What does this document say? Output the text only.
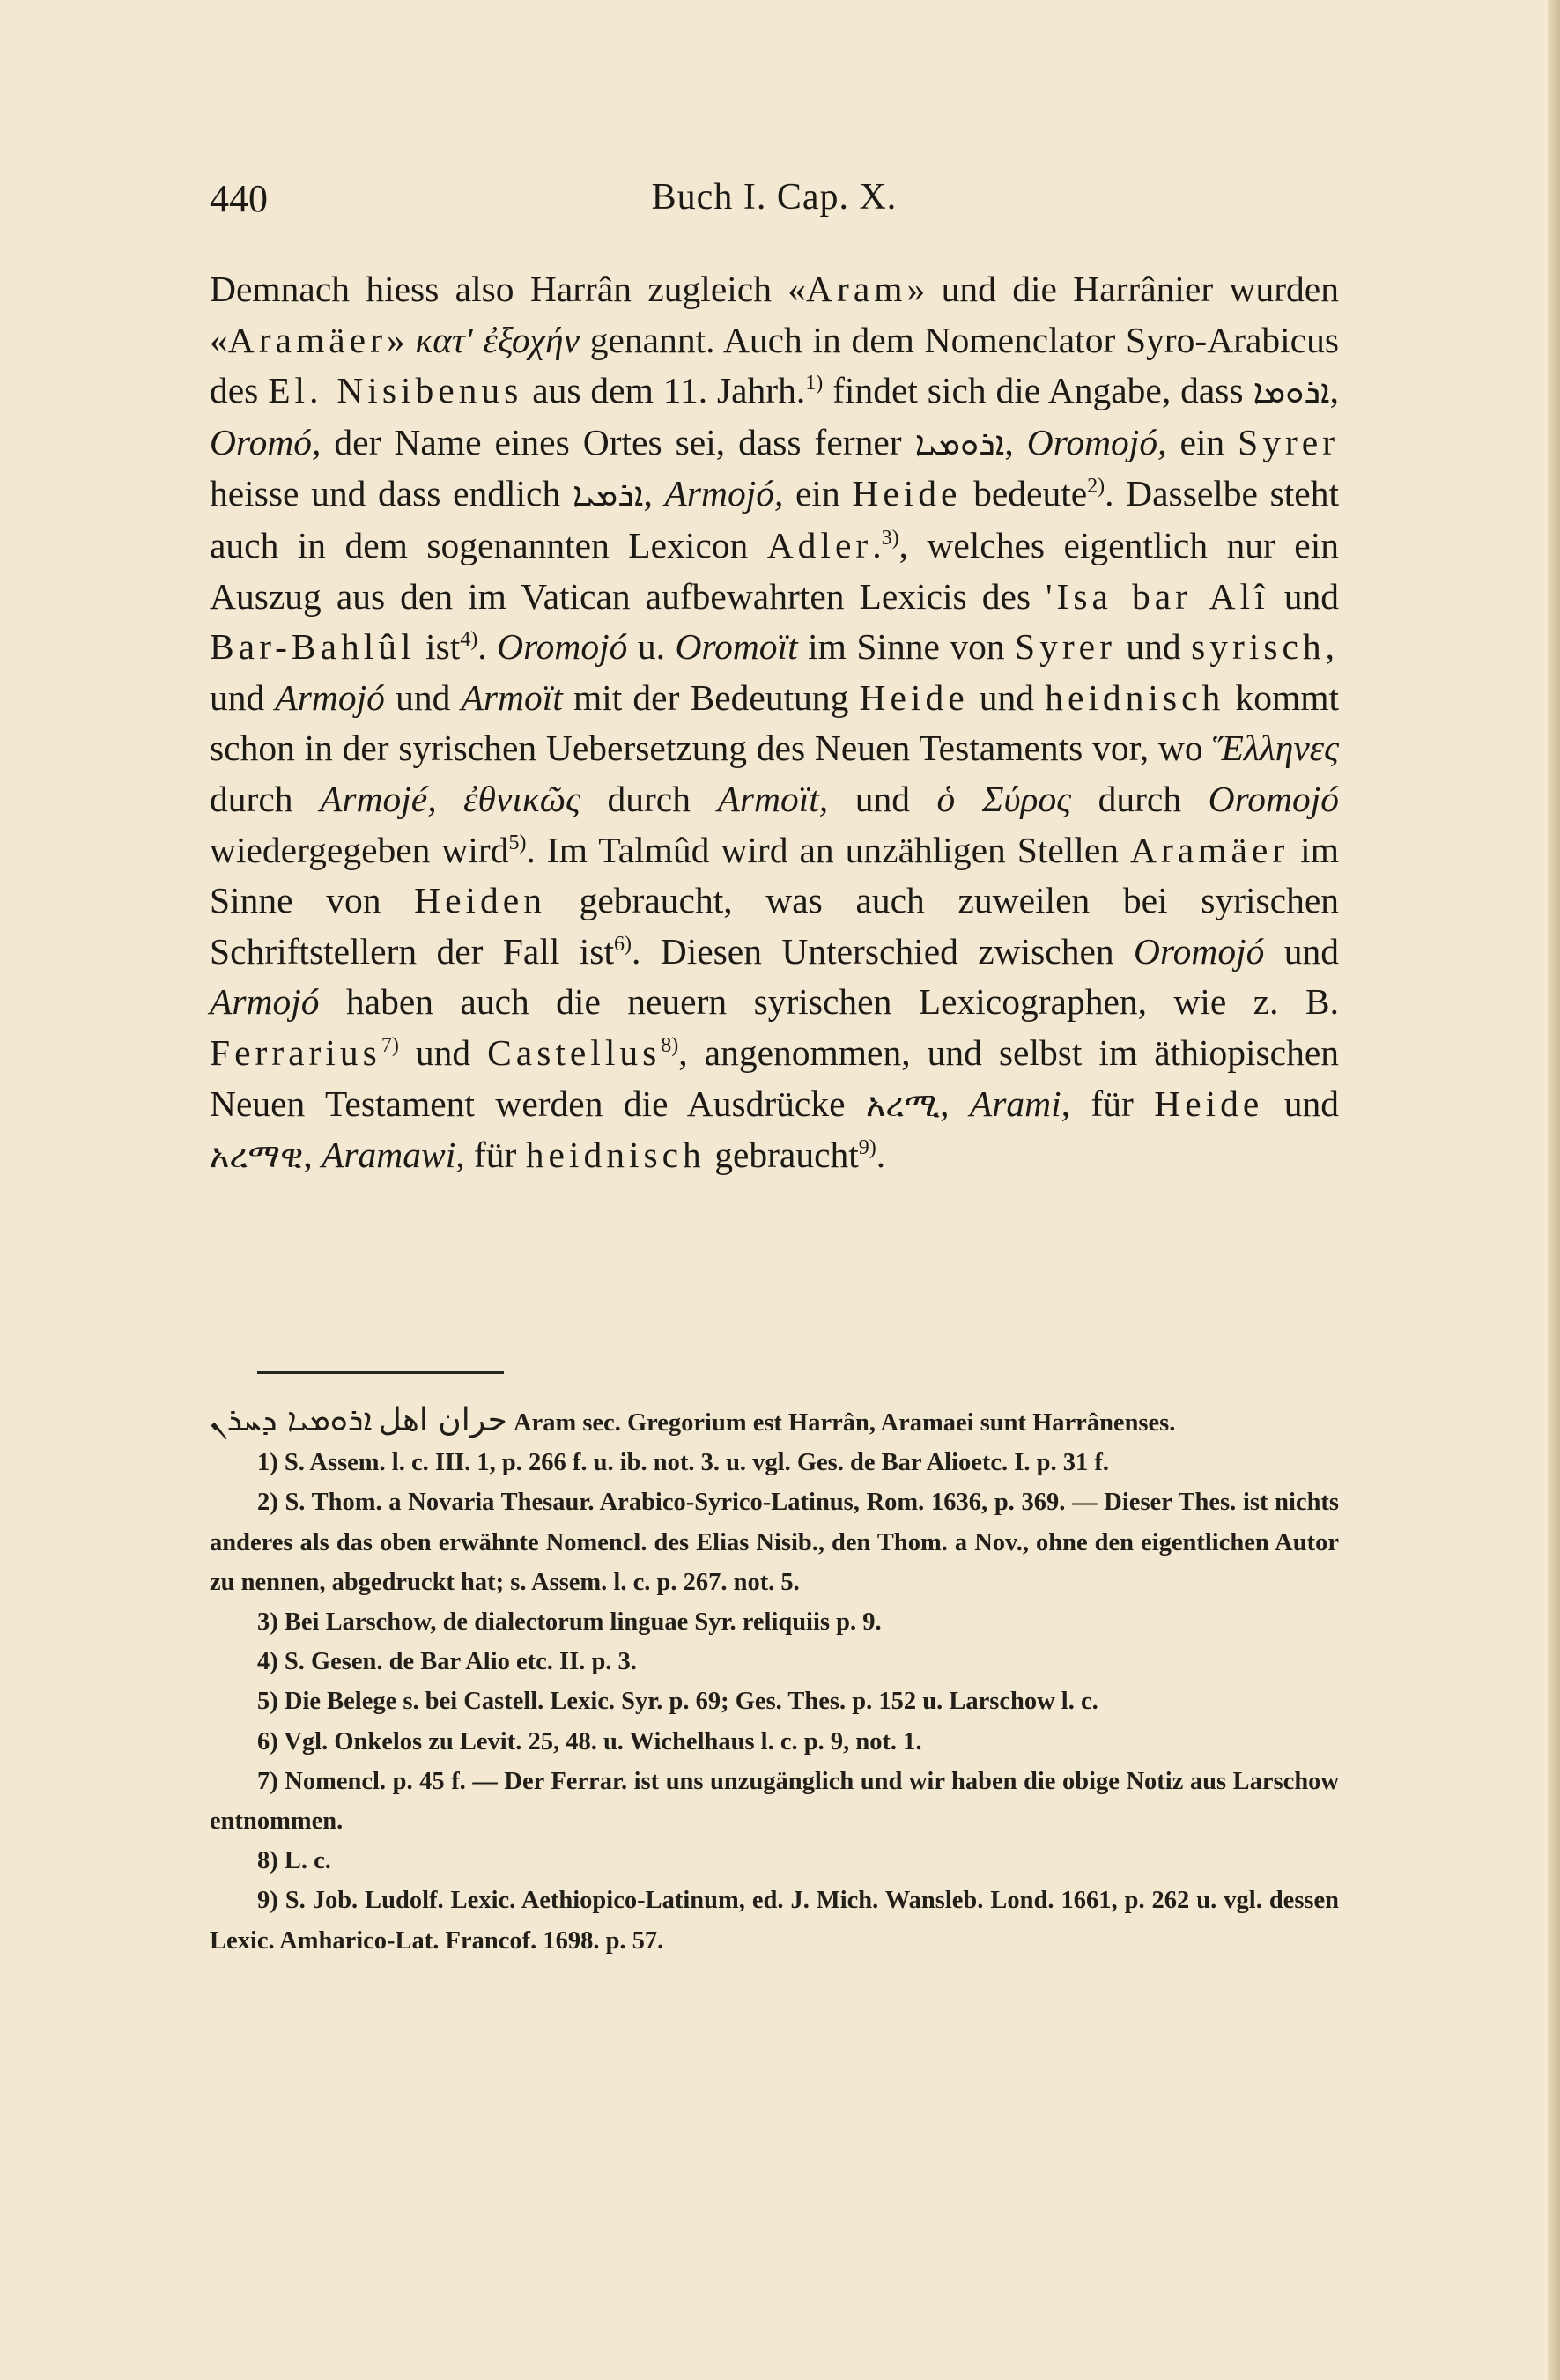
440	Buch I. Cap. X.

Demnach hiess also Harrân zugleich «Aram» und die Harrânier wurden «Aramäer» κατ' ἐξοχήν genannt. Auch in dem Nomenclator Syro-Arabicus des El. Nisibenus aus dem 11. Jahrh.$^{1)}$ findet sich die Angabe, dass ܐܪܘܡܐ, Oromó, der Name eines Ortes sei, dass ferner ܐܪܘܡܝܐ, Oromojó, ein Syrer heisse und dass endlich ܐܪܡܝܐ, Armojó, ein Heide bedeute$^{2)}$. Dasselbe steht auch in dem sogenannten Lexicon Adler.$^{3)}$, welches eigentlich nur ein Auszug aus den im Vatican aufbewahrten Lexicis des 'Isa bar Alî und Bar-Bahlûl ist$^{4)}$. Oromojó u. Oromoït im Sinne von Syrer und syrisch, und Armojó und Armoït mit der Bedeutung Heide und heidnisch kommt schon in der syrischen Uebersetzung des Neuen Testaments vor, wo Ἕλληνες durch Armojé, ἐθνικῶς durch Armoït, und ὁ Σύρος durch Oromojó wiedergegeben wird$^{5)}$. Im Talmûd wird an unzähligen Stellen Aramäer im Sinne von Heiden gebraucht, was auch zuweilen bei syrischen Schriftstellern der Fall ist$^{6)}$. Diesen Unterschied zwischen Oromojó und Armojó haben auch die neuern syrischen Lexicographen, wie z. B. Ferrarius$^{7)}$ und Castellus$^{8)}$, angenommen, und selbst im äthiopischen Neuen Testament werden die Ausdrücke አረሚ, Arami, für Heide und አረማዊ, Aramawi, für heidnisch gebraucht$^{9)}$.

حران اهل ܐܪܘܡܝܐ ܕܚܪܢ	Aram sec. Gregorium est Harrân, Aramaei sunt Harrânenses.

1) S. Assem. l. c. III. 1, p. 266 f. u. ib. not. 3. u. vgl. Ges. de Bar Alioetc. I. p. 31 f.

2) S. Thom. a Novaria Thesaur. Arabico-Syrico-Latinus, Rom. 1636, p. 369. — Dieser Thes. ist nichts anderes als das oben erwähnte Nomencl. des Elias Nisib., den Thom. a Nov., ohne den eigentlichen Autor zu nennen, abgedruckt hat; s. Assem. l. c. p. 267. not. 5.

3) Bei Larschow, de dialectorum linguae Syr. reliquiis p. 9.

4) S. Gesen. de Bar Alio etc. II. p. 3.

5) Die Belege s. bei Castell. Lexic. Syr. p. 69; Ges. Thes. p. 152 u. Larschow l. c.

6) Vgl. Onkelos zu Levit. 25, 48. u. Wichelhaus l. c. p. 9, not. 1.

7) Nomencl. p. 45 f. — Der Ferrar. ist uns unzugänglich und wir haben die obige Notiz aus Larschow entnommen.

8) L. c.

9) S. Job. Ludolf. Lexic. Aethiopico-Latinum, ed. J. Mich. Wansleb. Lond. 1661, p. 262 u. vgl. dessen Lexic. Amharico-Lat. Francof. 1698. p. 57.
